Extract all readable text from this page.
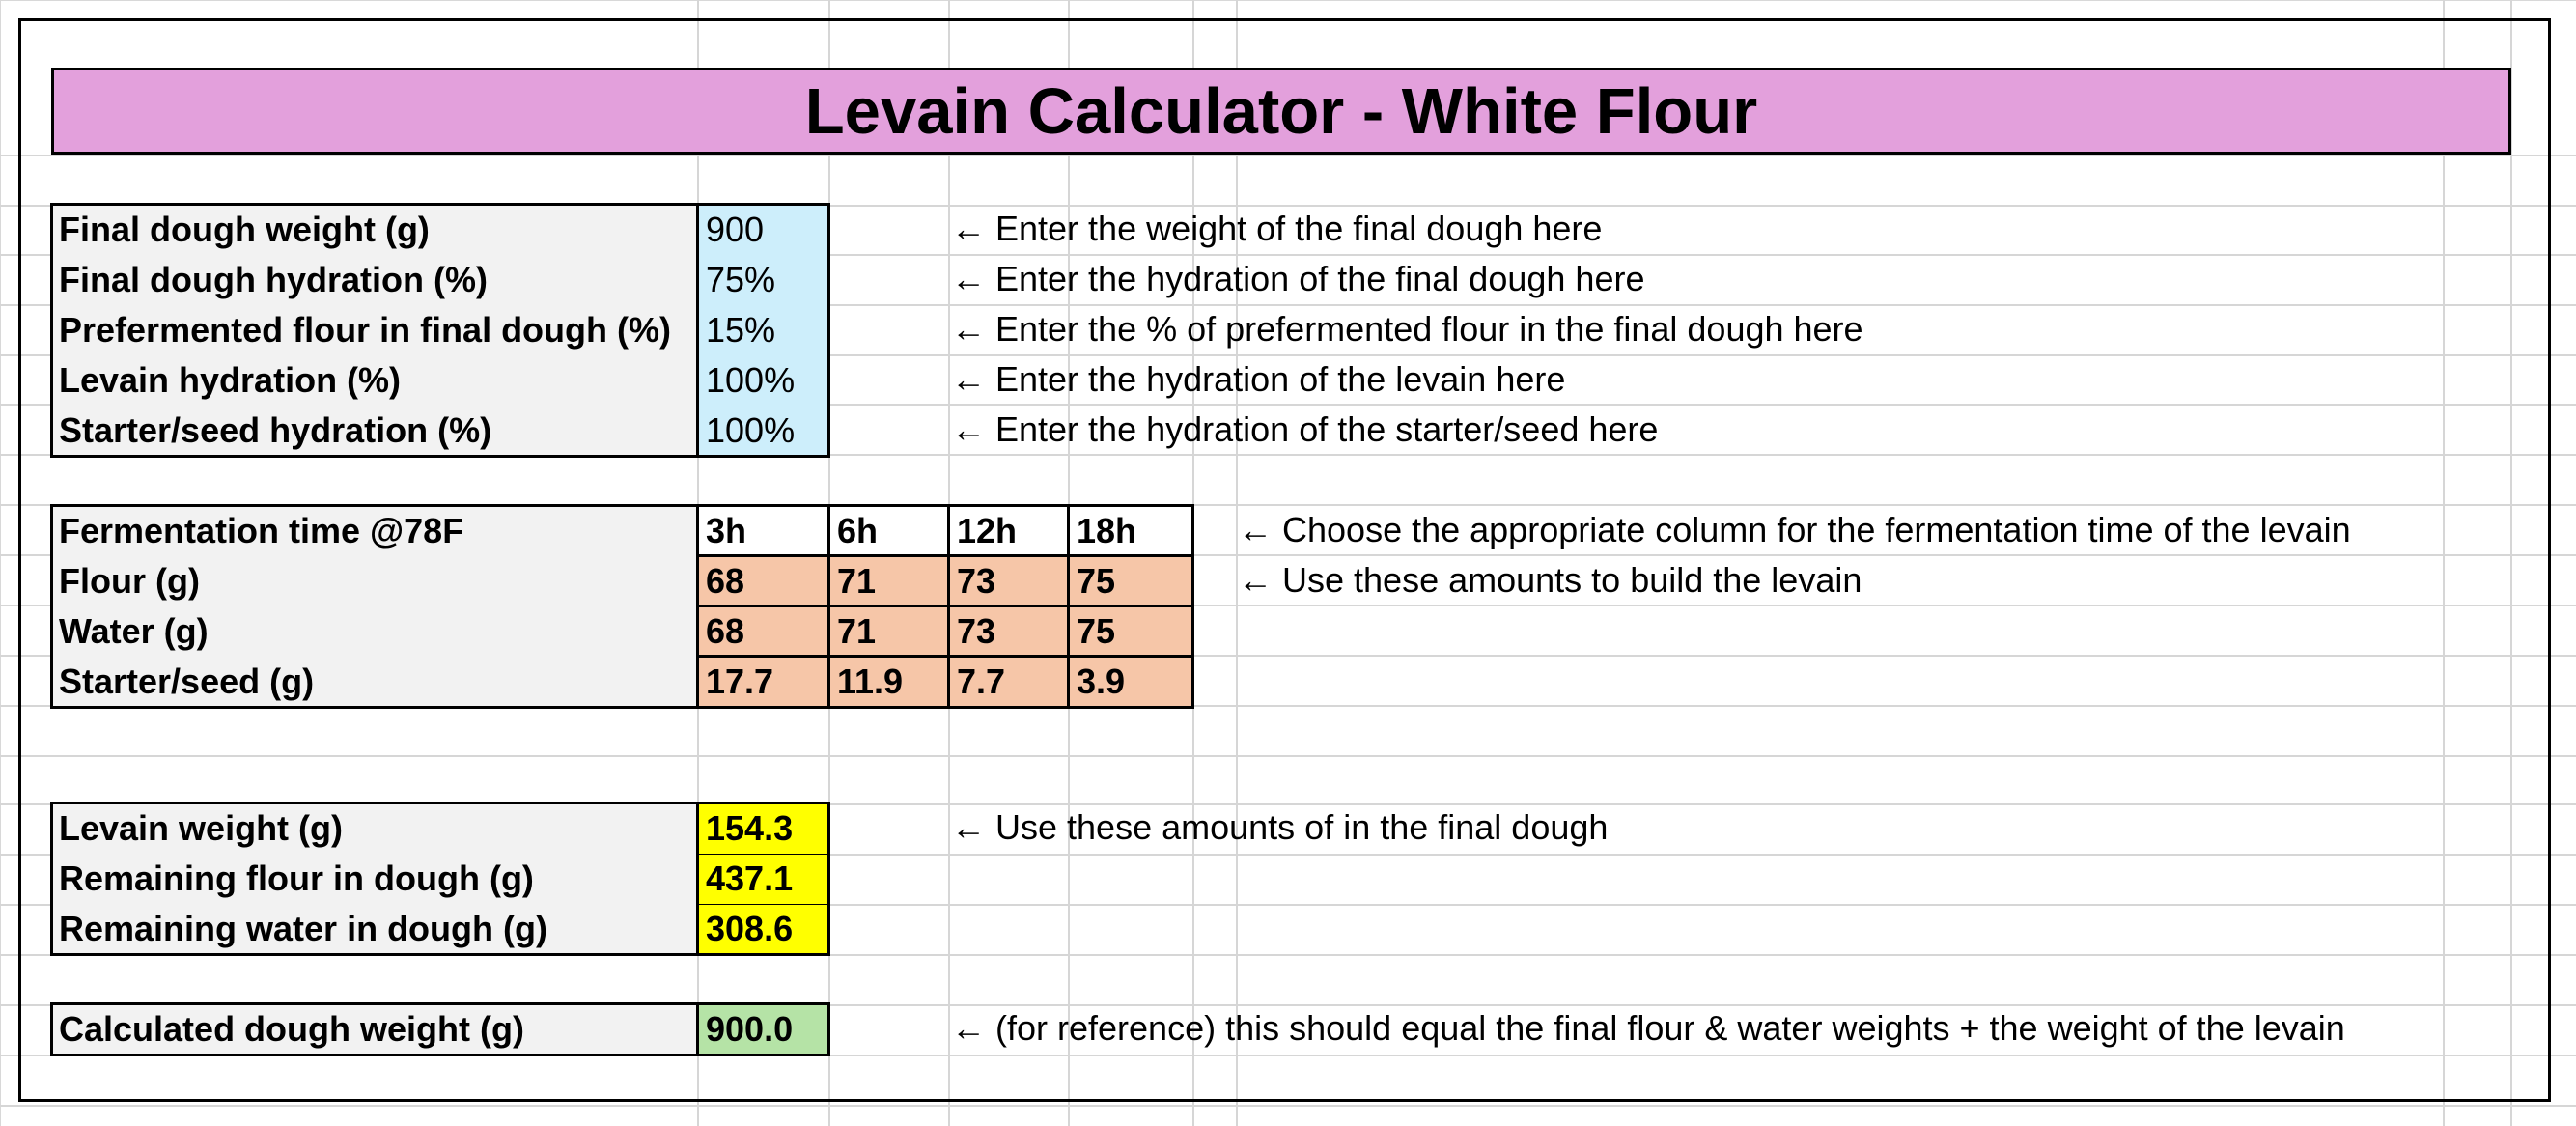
Levain Calculator - White Flour
Final dough weight (g)	900
Final dough hydration (%)	75%
Prefermented flour in final dough (%) 15%
Levain hydration (%)	100%
Starter/seed hydration (%)	100%
← Enter the weight of the final dough here
← Enter the hydration of the final dough here
← Enter the % of prefermented flour in the final dough here
← Enter the hydration of the levain here
← Enter the hydration of the starter/seed here
Fermentation time @78F	3h	6h	12h	18h
Flour (g)	68	71	73	75
Water (g)	68	71	73	75
Starter/seed (g)	17.7	11.9	7.7	3.9
← Choose the appropriate column for the fermentation time of the levain
← Use these amounts to build the levain
Levain weight (g)	154.3
Remaining flour in dough (g)	437.1
Remaining water in dough (g)	308.6
← Use these amounts of in the final dough
Calculated dough weight (g)	900.0	← (for reference) this should equal the final flour & water weights + the weight of the levain
